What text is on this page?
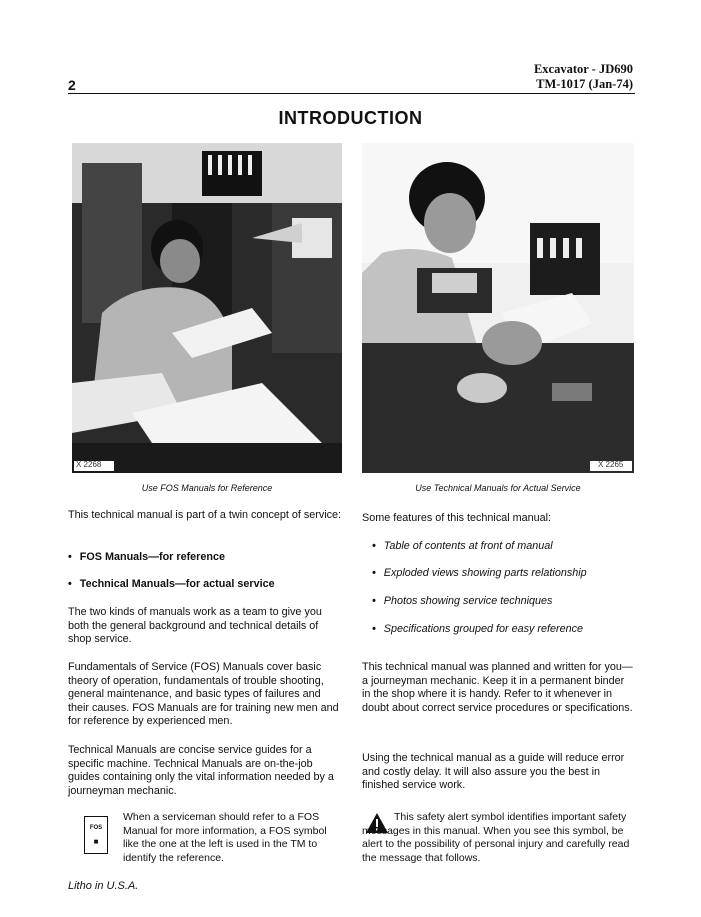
Excavator - JD690
TM-1017 (Jan-74)
2
INTRODUCTION
X 2268
Use FOS Manuals for Reference
X 2265
Use Technical Manuals for Actual Service

This technical manual is part of a twin concept of service:

• FOS Manuals—for reference
• Technical Manuals—for actual service
The two kinds of manuals work as a team to give you both the general background and technical details of shop service.
Fundamentals of Service (FOS) Manuals cover basic theory of operation, fundamentals of trouble shooting, general maintenance, and basic types of failures and their causes. FOS Manuals are for training new men and for reference by experienced men.
Technical Manuals are concise service guides for a specific machine. Technical Manuals are on-the-job guides containing only the vital information needed by a journeyman mechanic.
FOS
■
When a serviceman should refer to a FOS Manual for more information, a FOS symbol like the one at the left is used in the TM to identify the reference.
Some features of this technical manual:
• Table of contents at front of manual
• Exploded views showing parts relationship
• Photos showing service techniques
• Specifications grouped for easy reference
This technical manual was planned and written for you—a journeyman mechanic. Keep it in a permanent binder in the shop where it is handy. Refer to it whenever in doubt about correct service procedures or specifications.
Using the technical manual as a guide will reduce error and costly delay. It will also assure you the best in finished service work.
This safety alert symbol identifies important safety messages in this manual. When you see this symbol, be alert to the possibility of personal injury and carefully read the message that follows.
Litho in U.S.A.
